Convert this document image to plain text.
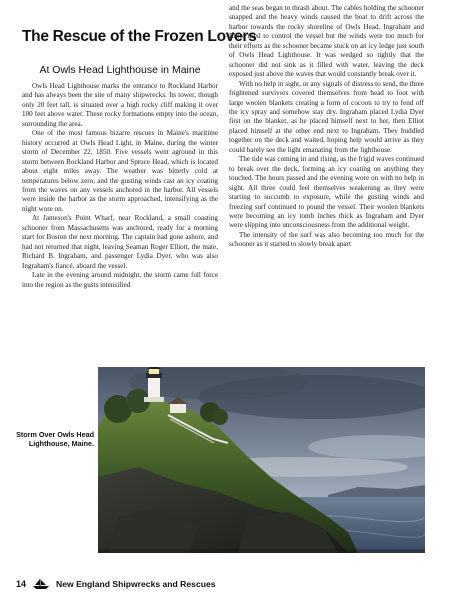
The Rescue of the Frozen Lovers
At Owls Head Lighthouse in Maine

Owls Head Lighthouse marks the entrance to Rockland Harbor and has always been the site of many shipwrecks. Its tower, though only 20 feet tall, is situated over a high rocky cliff making it over 100 feet above water. These rocky formations empty into the ocean, surrounding the area.

One of the most famous bizarre rescues in Maine's maritime history occurred at Owls Head Light, in Maine, during the winter storm of December 22, 1850. Five vessels went aground in this storm between Rockland Harbor and Spruce Head, which is located about eight miles away. The weather was bitterly cold at temperatures below zero, and the gusting winds cast an icy coating from the waves on any vessels anchored in the harbor. All vessels were inside the harbor as the storm approached, intensifying as the night wore on.

At Jameson's Point Wharf, near Rockland, a small coasting schooner from Massachusetts was anchored, ready for a morning start for Boston the next morning. The captain had gone ashore, and had not returned that night, leaving Seaman Roger Elliott, the mate, Richard B. Ingraham, and passenger Lydia Dyer, who was also Ingraham's fiancé, aboard the vessel.

Late in the evening around midnight, the storm came full force into the region as the gusts intensified

and the seas began to thrash about. The cables holding the schooner snapped and the heavy winds caused the boat to drift across the harbor towards the rocky shoreline of Owls Head. Ingraham and Elliot tried to control the vessel but the winds were too much for their efforts as the schooner became stuck on an icy ledge just south of Owls Head Lighthouse. It was wedged so tightly that the schooner did not sink as it filled with water, leaving the deck exposed just above the waves that would constantly break over it.

With no help in sight, or any signals of distress to send, the three frightened survivors covered themselves from head to foot with large woolen blankets creating a form of cocoon to try to fend off the icy spray and somehow stay dry. Ingraham placed Lydia Dyer first on the blanket, as he placed himself next to her, then Elliot placed himself at the other end next to Ingraham. They huddled together on the deck and waited, hoping help would arrive as they could barely see the light emanating from the lighthouse.

The tide was coming in and rising, as the frigid waves continued to break over the deck, forming an icy coating on anything they touched. The hours passed and the evening wore on with no help in sight. All three could feel themselves weakening as they were starting to succumb to exposure, while the gusting winds and freezing surf continued to pound the vessel. Their woolen blankets were becoming an icy tomb inches thick as Ingraham and Dyer were slipping into unconsciousness from the additional weight.

The intensity of the surf was also becoming too much for the schooner as it started to slowly break apart

Storm Over Owls Head Lighthouse, Maine.
14	New England Shipwrecks and Rescues
